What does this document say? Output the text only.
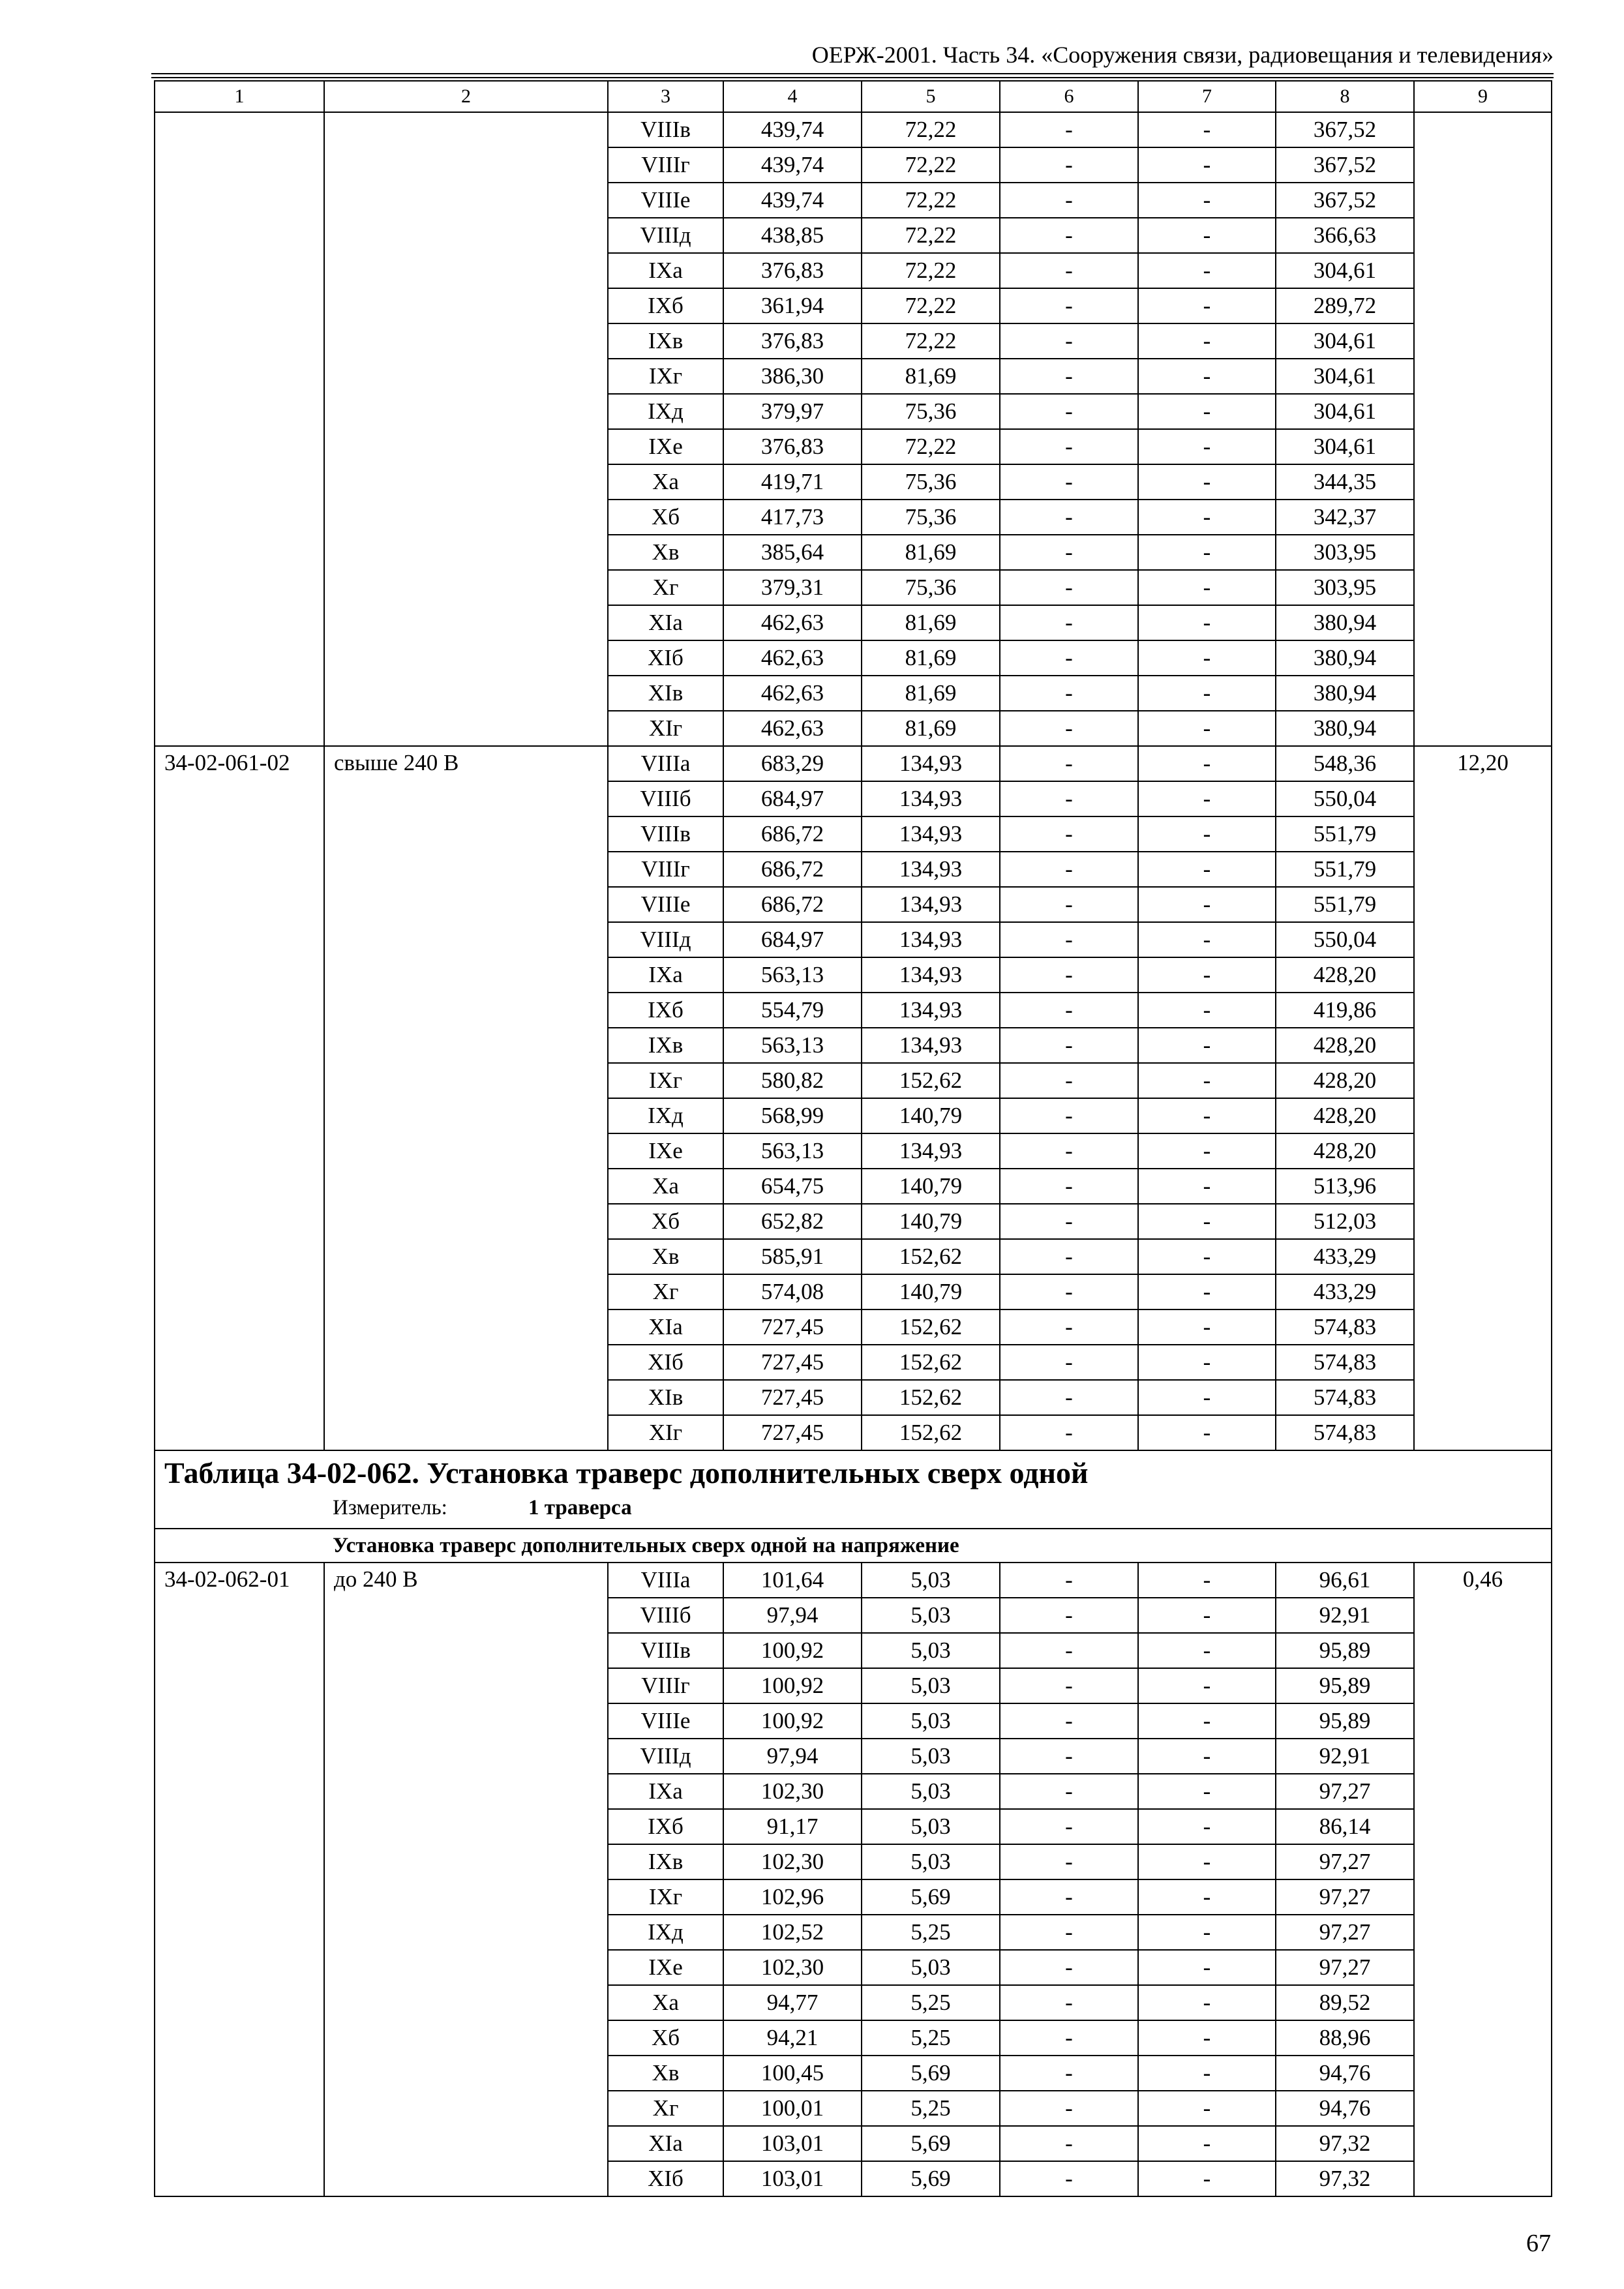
ОЕРЖ-2001. Часть 34. «Сооружения связи, радиовещания и телевидения»
1	2	3	4	5	6	7	8	9
		VIIIв	439,74	72,22	-	-	367,52	
		VIIIг	439,74	72,22	-	-	367,52	
		VIIIе	439,74	72,22	-	-	367,52	
		VIIIд	438,85	72,22	-	-	366,63	
		IXа	376,83	72,22	-	-	304,61	
		IXб	361,94	72,22	-	-	289,72	
		IXв	376,83	72,22	-	-	304,61	
		IXг	386,30	81,69	-	-	304,61	
		IXд	379,97	75,36	-	-	304,61	
		IXе	376,83	72,22	-	-	304,61	
		Xа	419,71	75,36	-	-	344,35	
		Xб	417,73	75,36	-	-	342,37	
		Xв	385,64	81,69	-	-	303,95	
		Xг	379,31	75,36	-	-	303,95	
		XIа	462,63	81,69	-	-	380,94	
		XIб	462,63	81,69	-	-	380,94	
		XIв	462,63	81,69	-	-	380,94	
		XIг	462,63	81,69	-	-	380,94	
34-02-061-02	свыше 240 В	VIIIа	683,29	134,93	-	-	548,36	12,20
		VIIIб	684,97	134,93	-	-	550,04	
		VIIIв	686,72	134,93	-	-	551,79	
		VIIIг	686,72	134,93	-	-	551,79	
		VIIIе	686,72	134,93	-	-	551,79	
		VIIIд	684,97	134,93	-	-	550,04	
		IXа	563,13	134,93	-	-	428,20	
		IXб	554,79	134,93	-	-	419,86	
		IXв	563,13	134,93	-	-	428,20	
		IXг	580,82	152,62	-	-	428,20	
		IXд	568,99	140,79	-	-	428,20	
		IXе	563,13	134,93	-	-	428,20	
		Xа	654,75	140,79	-	-	513,96	
		Xб	652,82	140,79	-	-	512,03	
		Xв	585,91	152,62	-	-	433,29	
		Xг	574,08	140,79	-	-	433,29	
		XIа	727,45	152,62	-	-	574,83	
		XIб	727,45	152,62	-	-	574,83	
		XIв	727,45	152,62	-	-	574,83	
		XIг	727,45	152,62	-	-	574,83	

Таблица 34-02-062. Установка траверс дополнительных сверх одной
Измеритель: 1 траверса								

Установка траверс дополнительных сверх одной на напряжение								
34-02-062-01	до 240 В	VIIIа	101,64	5,03	-	-	96,61	0,46
		VIIIб	97,94	5,03	-	-	92,91	
		VIIIв	100,92	5,03	-	-	95,89	
		VIIIг	100,92	5,03	-	-	95,89	
		VIIIе	100,92	5,03	-	-	95,89	
		VIIIд	97,94	5,03	-	-	92,91	
		IXа	102,30	5,03	-	-	97,27	
		IXб	91,17	5,03	-	-	86,14	
		IXв	102,30	5,03	-	-	97,27	
		IXг	102,96	5,69	-	-	97,27	
		IXд	102,52	5,25	-	-	97,27	
		IXе	102,30	5,03	-	-	97,27	
		Xа	94,77	5,25	-	-	89,52	
		Xб	94,21	5,25	-	-	88,96	
		Xв	100,45	5,69	-	-	94,76	
		Xг	100,01	5,25	-	-	94,76	
		XIа	103,01	5,69	-	-	97,32	
		XIб	103,01	5,69	-	-	97,32	
67
